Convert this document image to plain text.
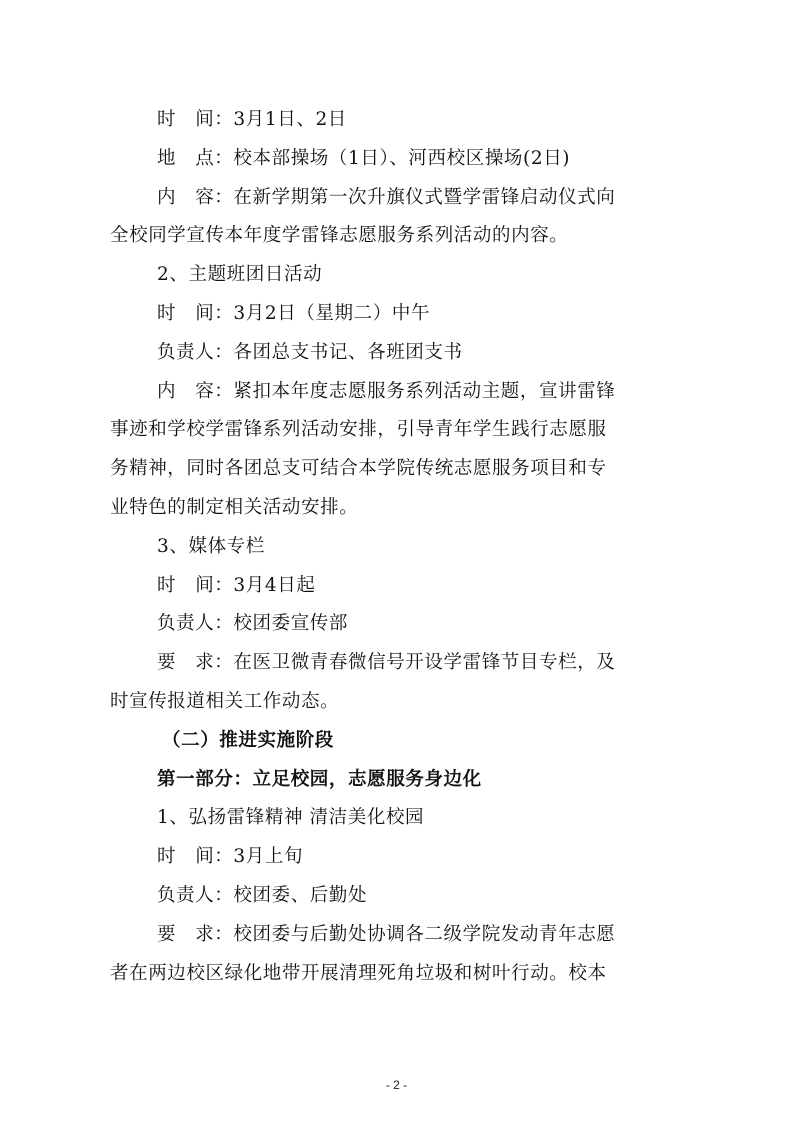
时　间：3月1日、2日
地　点：校本部操场（1日）、河西校区操场(2日)
内　容：在新学期第一次升旗仪式暨学雷锋启动仪式向
全校同学宣传本年度学雷锋志愿服务系列活动的内容。
2、主题班团日活动
时　间：3月2日（星期二）中午
负责人：各团总支书记、各班团支书
内　容：紧扣本年度志愿服务系列活动主题，宣讲雷锋
事迹和学校学雷锋系列活动安排，引导青年学生践行志愿服
务精神，同时各团总支可结合本学院传统志愿服务项目和专
业特色的制定相关活动安排。
3、媒体专栏
时　间：3月4日起
负责人：校团委宣传部
要　求：在医卫微青春微信号开设学雷锋节目专栏，及
时宣传报道相关工作动态。
（二）推进实施阶段
第一部分：立足校园，志愿服务身边化
1、弘扬雷锋精神 清洁美化校园
时　间：3月上旬
负责人：校团委、后勤处
要　求：校团委与后勤处协调各二级学院发动青年志愿
者在两边校区绿化地带开展清理死角垃圾和树叶行动。校本
- 2 -
